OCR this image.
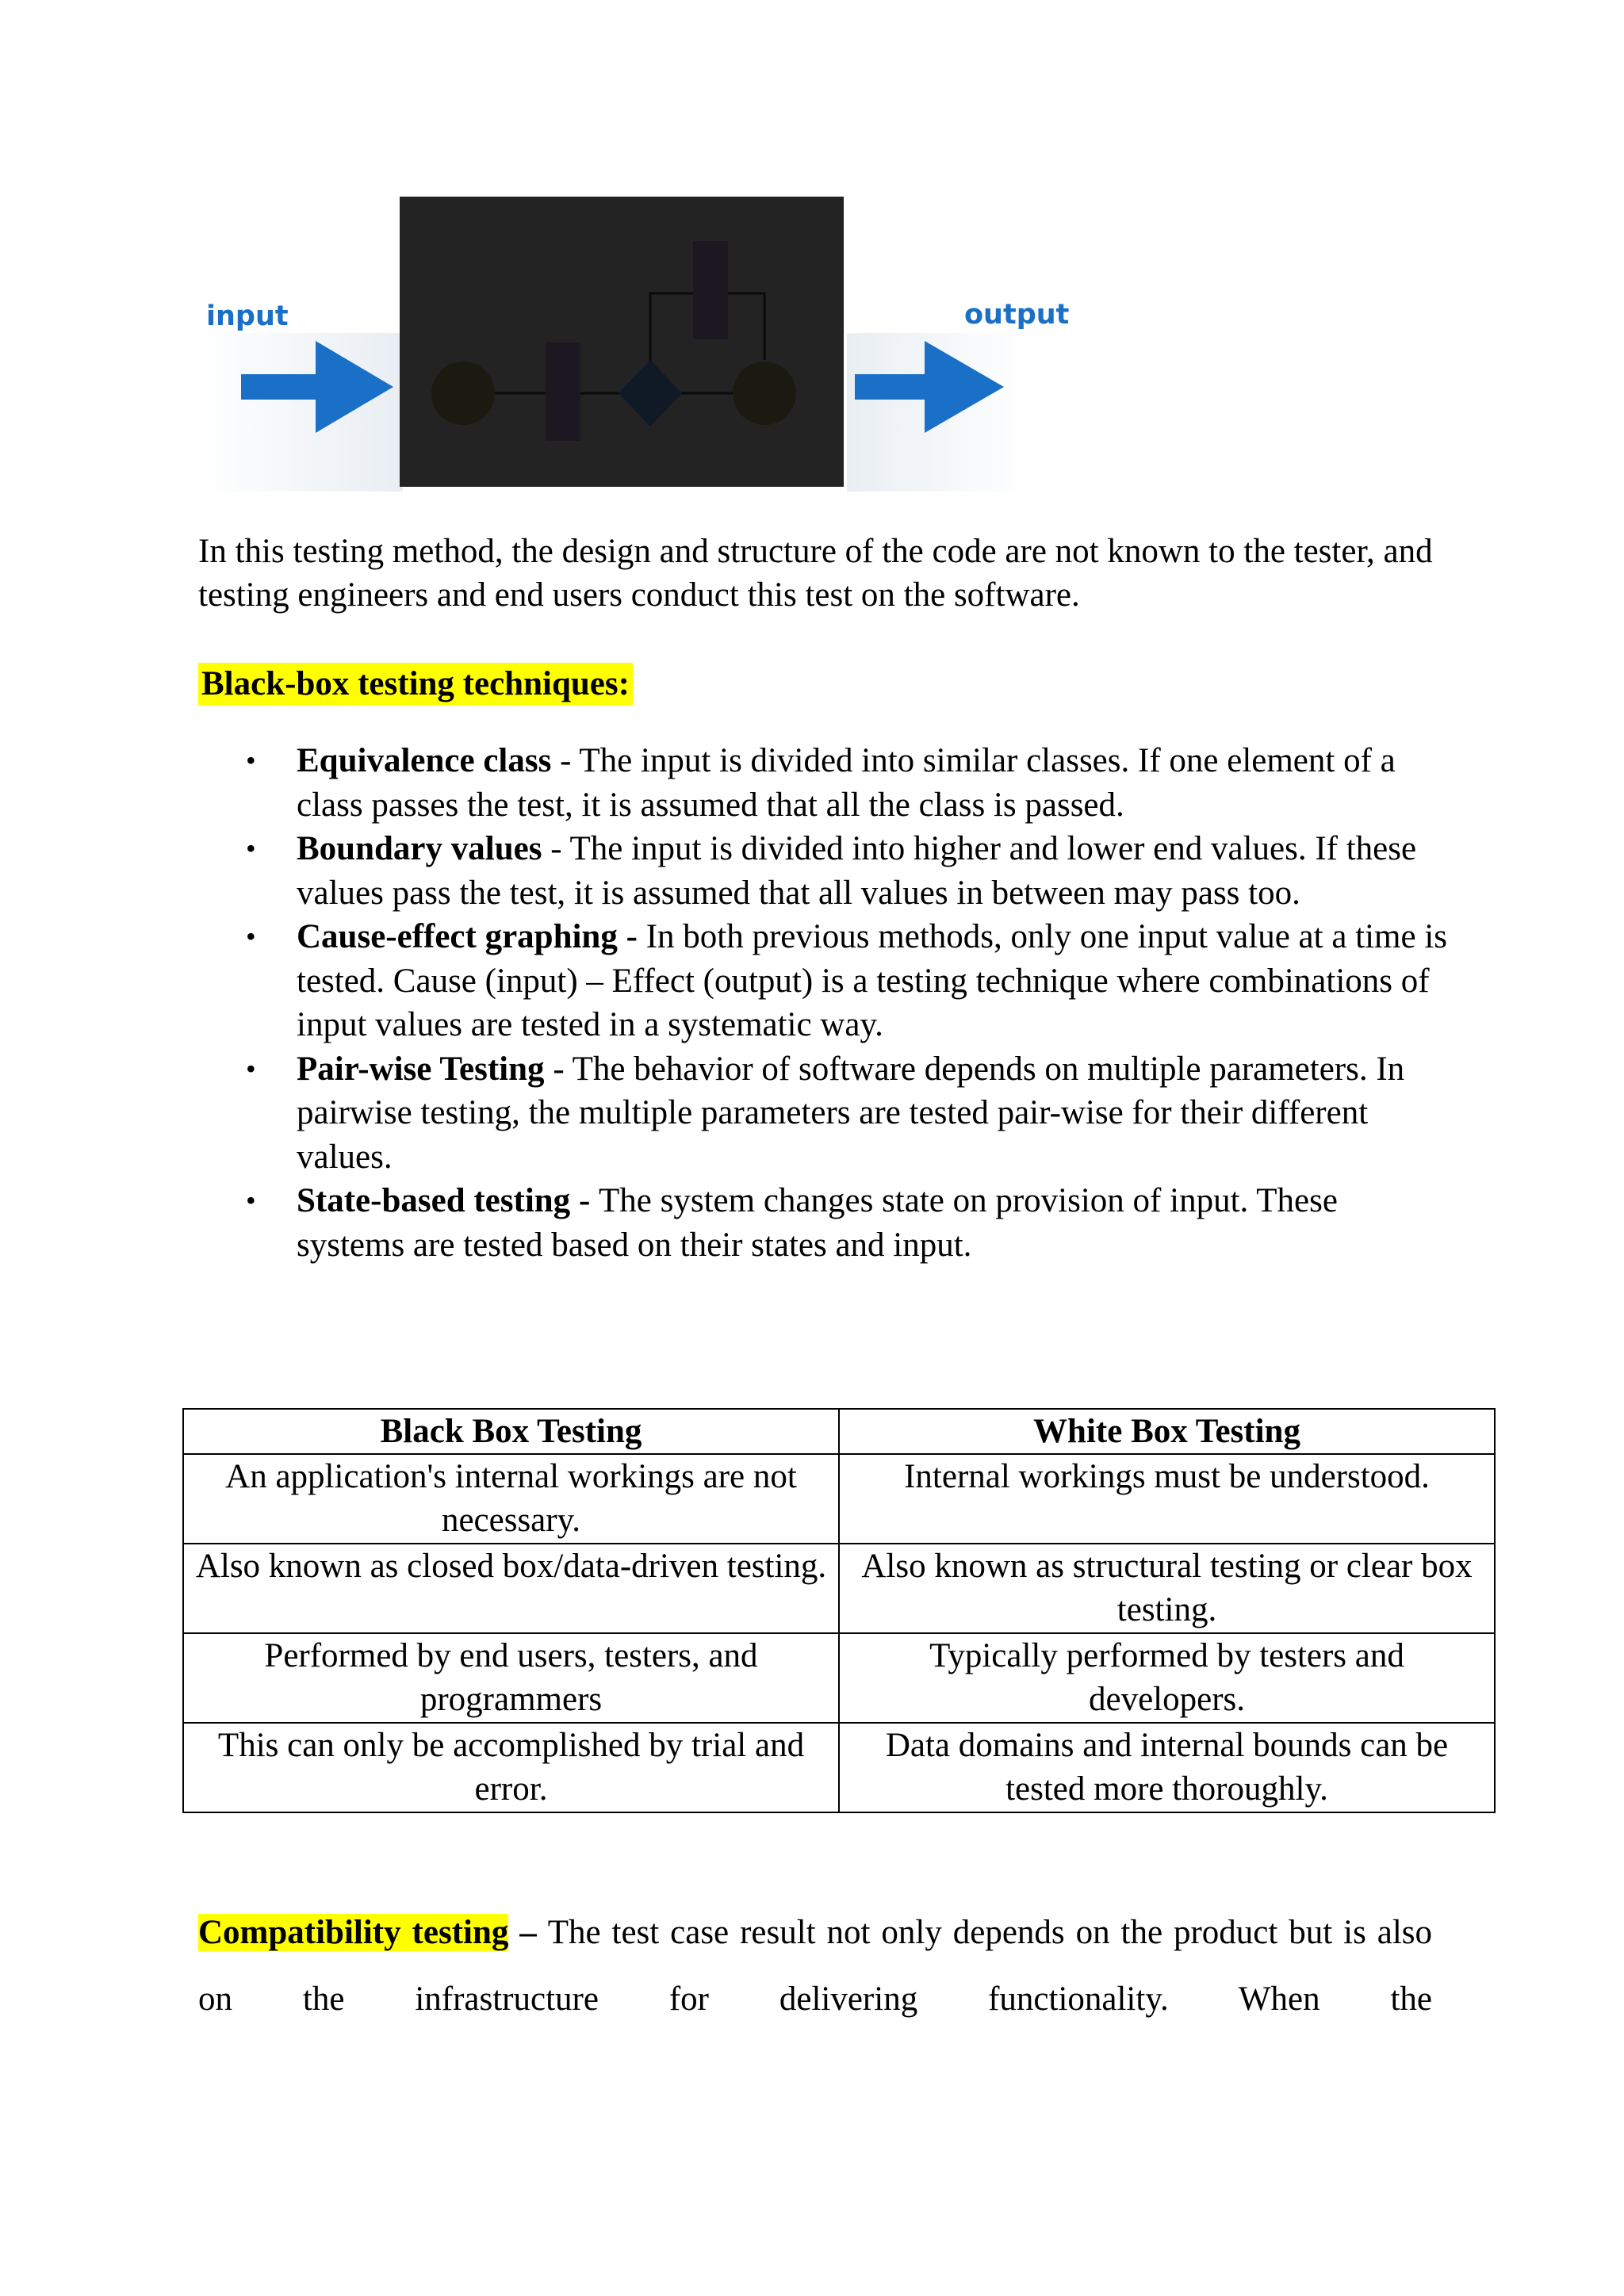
input	output

In this testing method, the design and structure of the code are not known to the tester, and testing engineers and end users conduct this test on the software.

Black-box testing techniques:
• Equivalence class - The input is divided into similar classes. If one element of a class passes the test, it is assumed that all the class is passed.
• Boundary values - The input is divided into higher and lower end values. If these values pass the test, it is assumed that all values in between may pass too.
• Cause-effect graphing - In both previous methods, only one input value at a time is tested. Cause (input) – Effect (output) is a testing technique where combinations of input values are tested in a systematic way.
• Pair-wise Testing - The behavior of software depends on multiple parameters. In pairwise testing, the multiple parameters are tested pair-wise for their different values.
• State-based testing - The system changes state on provision of input. These systems are tested based on their states and input.
Black Box Testing	White Box Testing
An application's internal workings are not necessary.	Internal workings must be understood.
Also known as closed box/data-driven testing.	Also known as structural testing or clear box testing.
Performed by end users, testers, and programmers	Typically performed by testers and developers.
This can only be accomplished by trial and error.	Data domains and internal bounds can be tested more thoroughly.

Compatibility testing – The test case result not only depends on the product but is also on the infrastructure for delivering functionality. When the
